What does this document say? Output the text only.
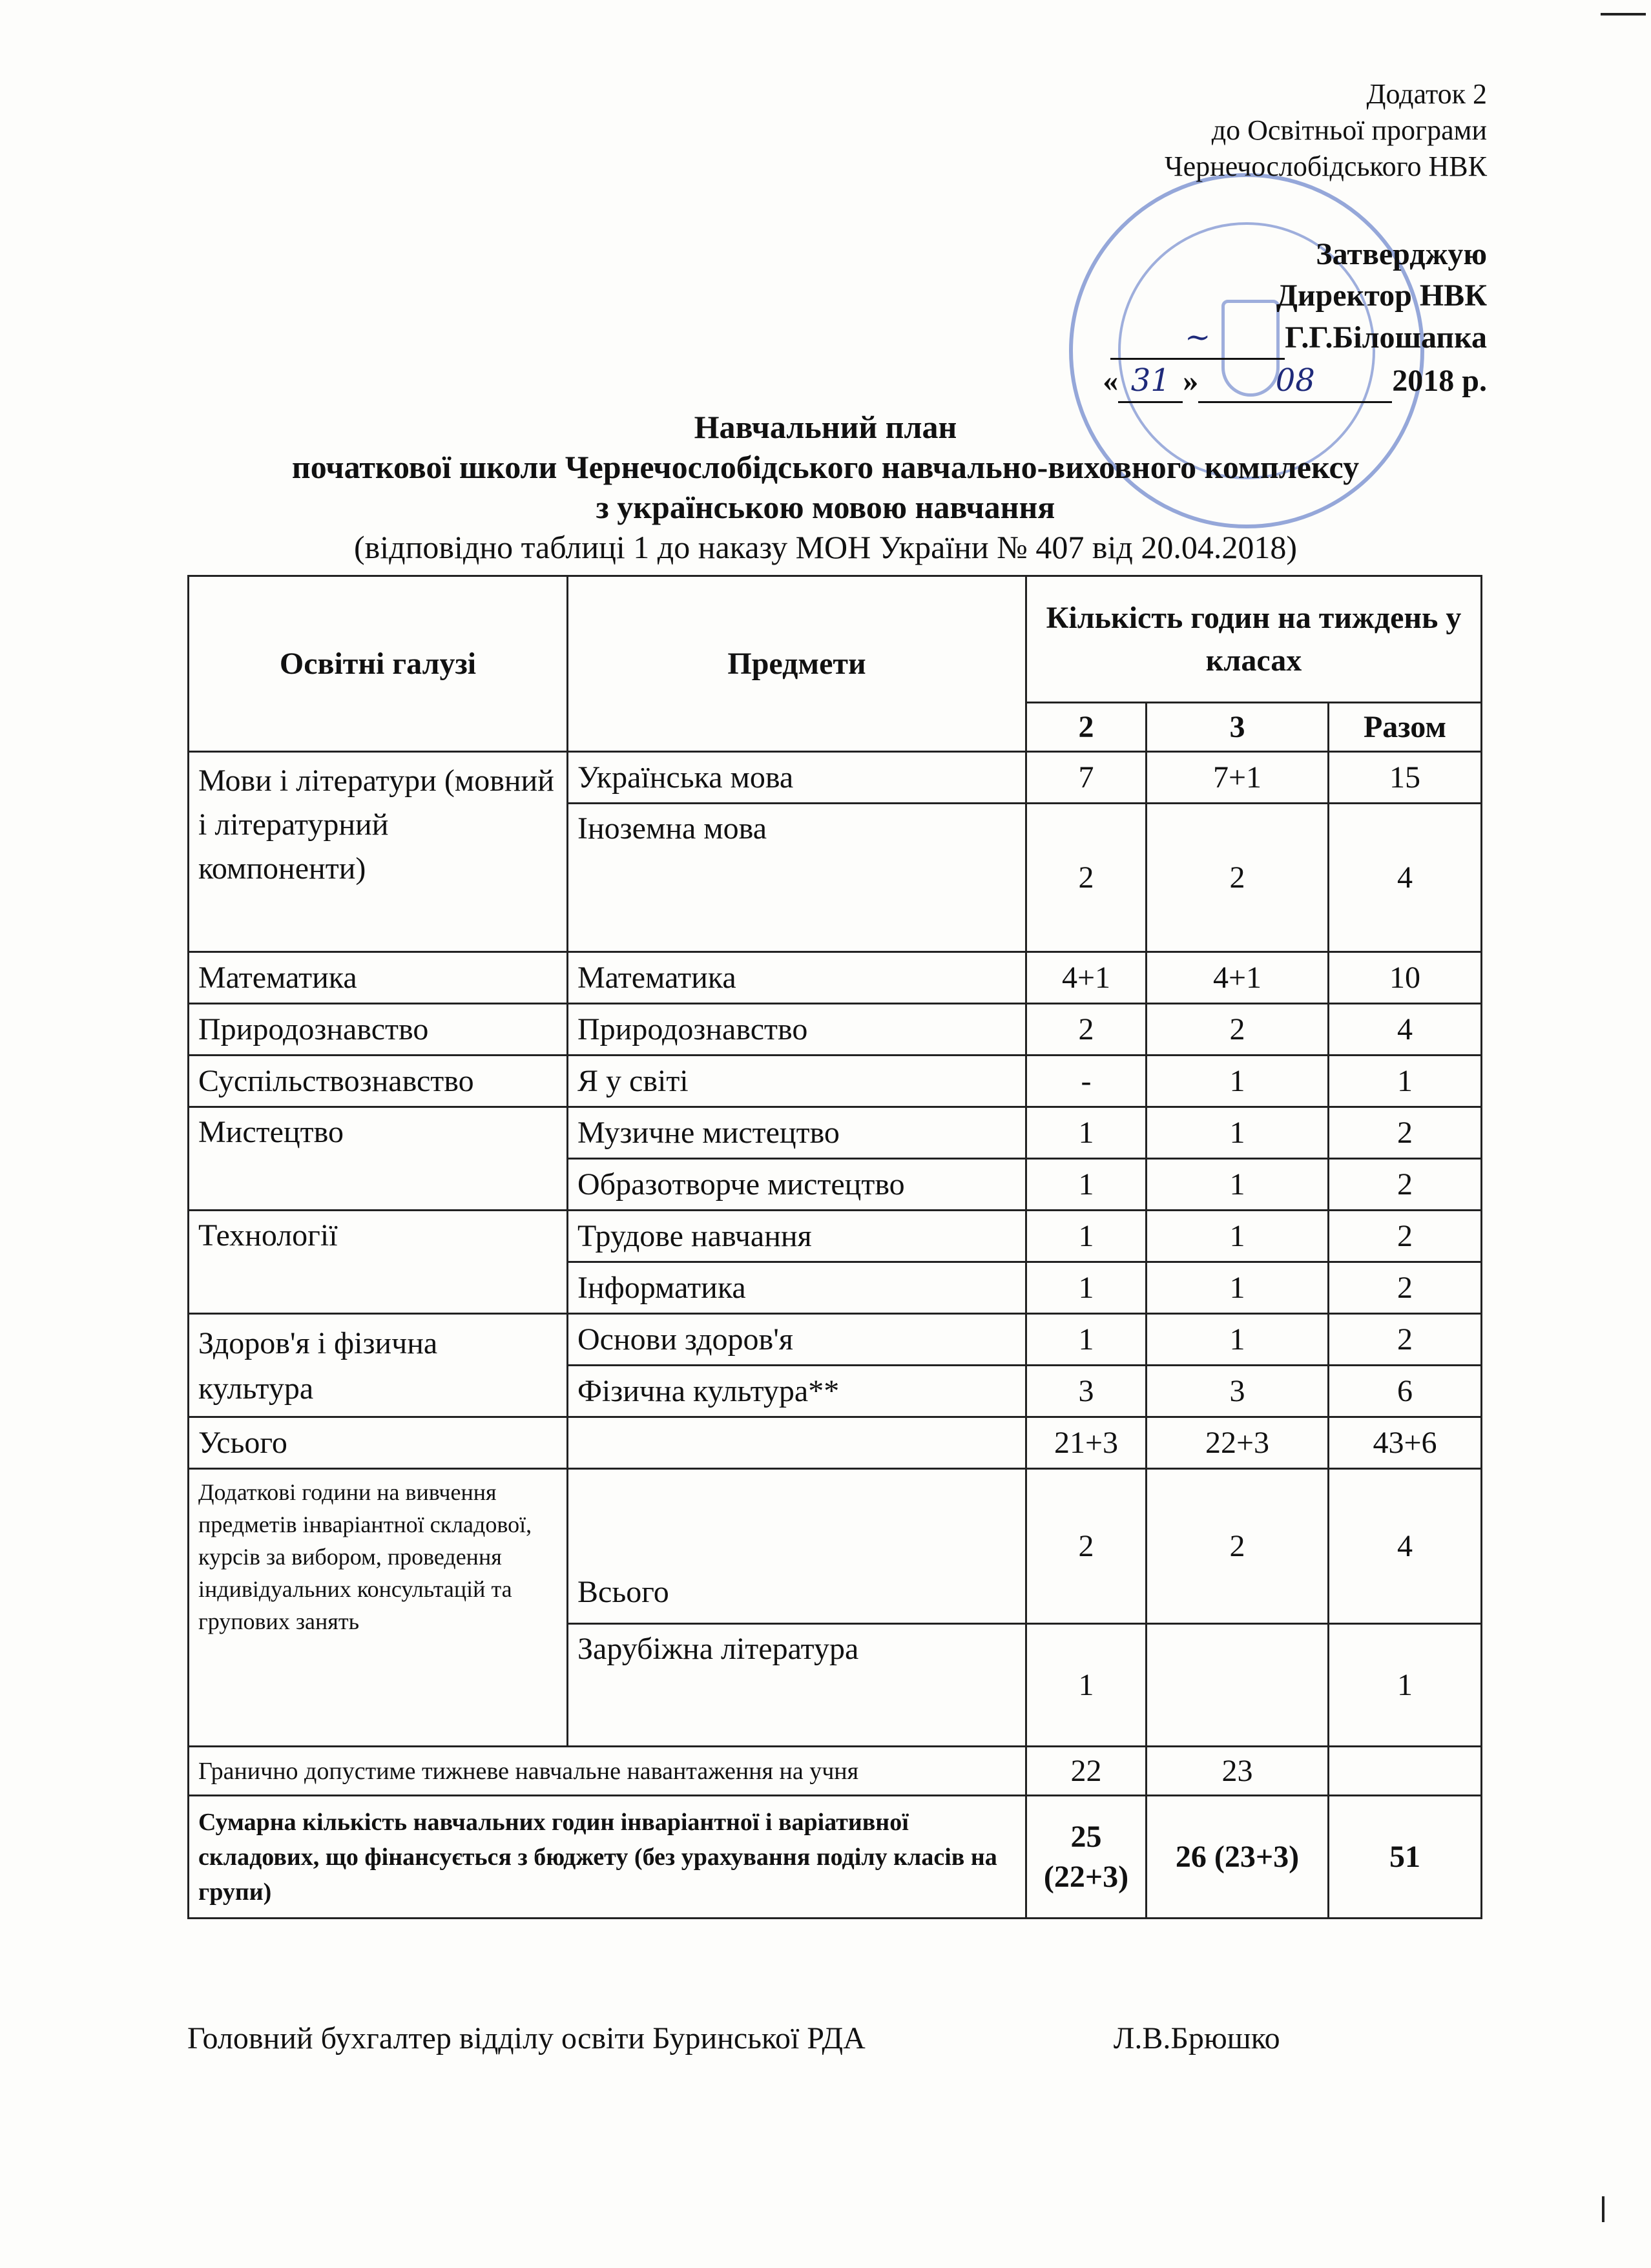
Додаток 2
до Освітньої програми
Чернечослобідського НВК
Затверджую
Директор НВК
~ Г.Г.Білошапка
« 31 » 08 2018 р.
Навчальний план
початкової школи Чернечослобідського навчально-виховного комплексу
з українською мовою навчання
(відповідно таблиці 1 до наказу МОН України № 407 від 20.04.2018)
Освітні галузі	Предмети	Кількість годин на тиждень у класах		
		2	3	Разом
Мови і літератури (мовний і літературний компоненти)	Українська мова	7	7+1	15
	Іноземна мова	2	2	4
Математика	Математика	4+1	4+1	10
Природознавство	Природознавство	2	2	4
Суспільствознавство	Я у світі	-	1	1
Мистецтво	Музичне мистецтво	1	1	2
	Образотворче мистецтво	1	1	2
Технології	Трудове навчання	1	1	2
	Інформатика	1	1	2
Здоров'я і фізична культура	Основи здоров'я	1	1	2
	Фізична культура**	3	3	6
Усього		21+3	22+3	43+6
Додаткові години на вивчення предметів інваріантної складової, курсів за вибором, проведення індивідуальних консультацій та групових занять	Всього	2	2	4
	Зарубіжна література	1		1
Гранично допустиме тижневе навчальне навантаження на учня		22	23	
Сумарна кількість навчальних годин інваріантної і варіативної складових, що фінансується з бюджету (без урахування поділу класів на групи)		25 (22+3)	26 (23+3)	51
Головний бухгалтер відділу освіти Буринської РДА	Л.В.Брюшко
